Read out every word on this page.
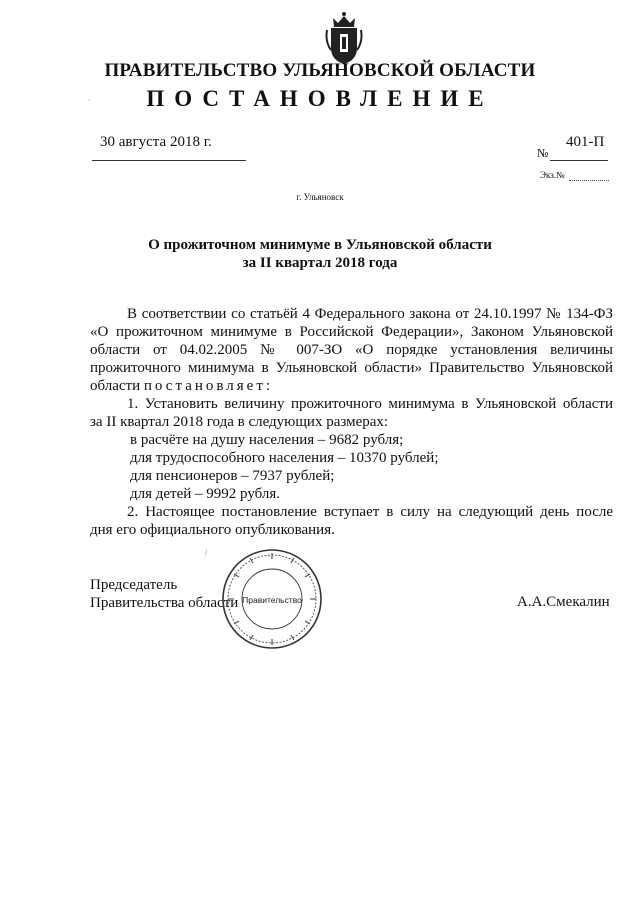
ПРАВИТЕЛЬСТВО УЛЬЯНОВСКОЙ ОБЛАСТИ
ПОСТАНОВЛЕНИЕ
30 августа 2018 г.
№
401-П
Экз.№
г. Ульяновск
О прожиточном минимуме в Ульяновской области
за II квартал 2018 года

В соответствии со статьёй 4 Федерального закона от 24.10.1997 № 134-ФЗ

«О прожиточном минимуме в Российской Федерации», Законом Ульяновской

области от 04.02.2005 № 007-ЗО «О порядке установления величины

прожиточного минимума в Ульяновской области» Правительство Ульяновской

области постановляет:

1. Установить величину прожиточного минимума в Ульяновской области

за II квартал 2018 года в следующих размерах:

в расчёте на душу населения – 9682 рубля;

для трудоспособного населения – 10370 рублей;

для пенсионеров – 7937 рублей;

для детей – 9992 рубля.

2. Настоящее постановление вступает в силу на следующий день после

дня его официального опубликования.

Председатель
Правительства области Правительство	А.А.Смекалин
·
/
